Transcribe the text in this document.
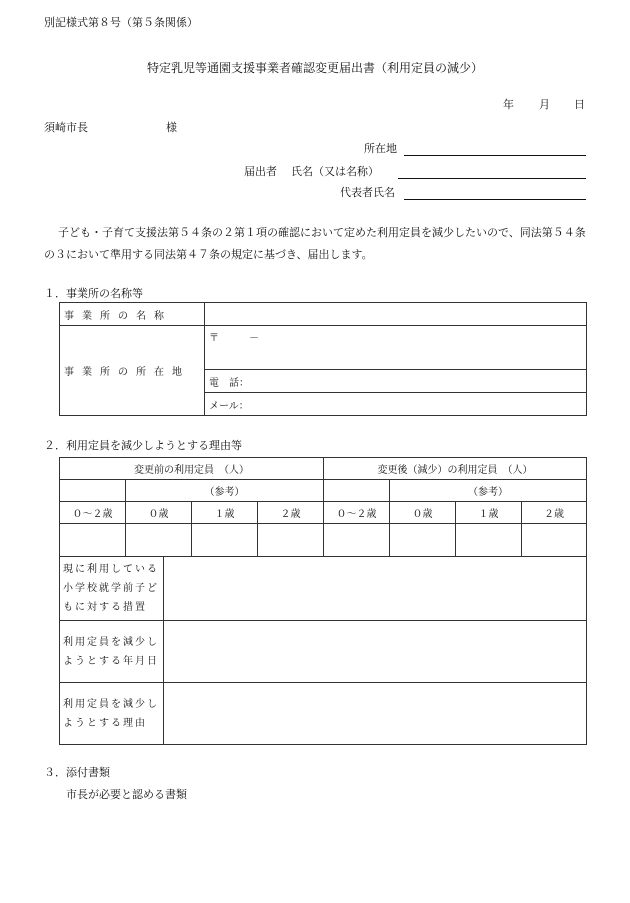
別記様式第８号（第５条関係）
特定乳児等通園支援事業者確認変更届出書（利用定員の減少）
年 月 日
須崎市長	様
所在地
届出者 氏名（又は名称）
代表者氏名
子ども・子育て支援法第５４条の２第１項の確認において定めた利用定員を減少したいので、同法第５４条の３において準用する同法第４７条の規定に基づき、届出します。
１．事業所の名称等
事業所の名称	
事業所の所在地	〒　　　－
	電　話：
	メール：
２．利用定員を減少しようとする理由等
変更前の利用定員　（人）				変更後（減少）の利用定員　（人）			
	（参考）				（参考）		
０～２歳	０歳	１歳	２歳	０～２歳	０歳	１歳	２歳

現に利用している小学校就学前子どもに対する措置	
利用定員を減少しようとする年月日	
利用定員を減少しようとする理由	
３．添付書類
市長が必要と認める書類
